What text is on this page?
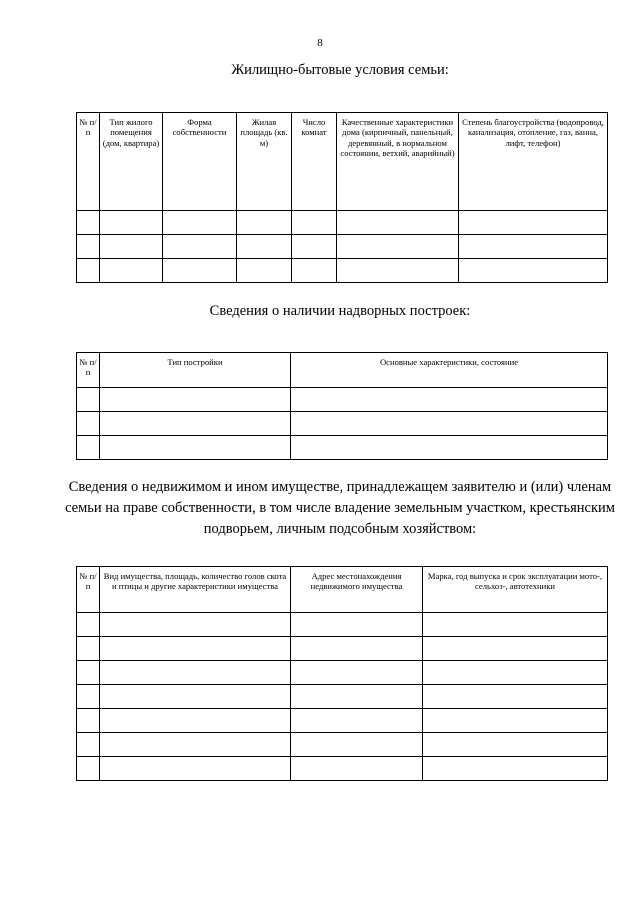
8
Жилищно-бытовые условия семьи:
№ п/п	Тип жилого помещения (дом, квартира)	Форма собственности	Жилая площадь (кв. м)	Число комнат	Качественные характеристики дома (кирпичный, панельный, деревянный, в нормальном состоянии, ветхий, аварийный)	Степень благоустройства (водопровод, канализация, отопление, газ, ванна, лифт, телефон)

Сведения о наличии надворных построек:
№ п/п	Тип постройки	Основные характеристики, состояние

Сведения о недвижимом и ином имуществе, принадлежащем заявителю и (или) членам семьи на праве собственности, в том числе владение земельным участком, крестьянским подворьем, личным подсобным хозяйством:
№ п/п	Вид имущества, площадь, количество голов скота и птицы и другие характеристики имущества	Адрес местонахождения недвижимого имущества	Марка, год выпуска и срок эксплуатации мото-, сельхоз-, автотехники
